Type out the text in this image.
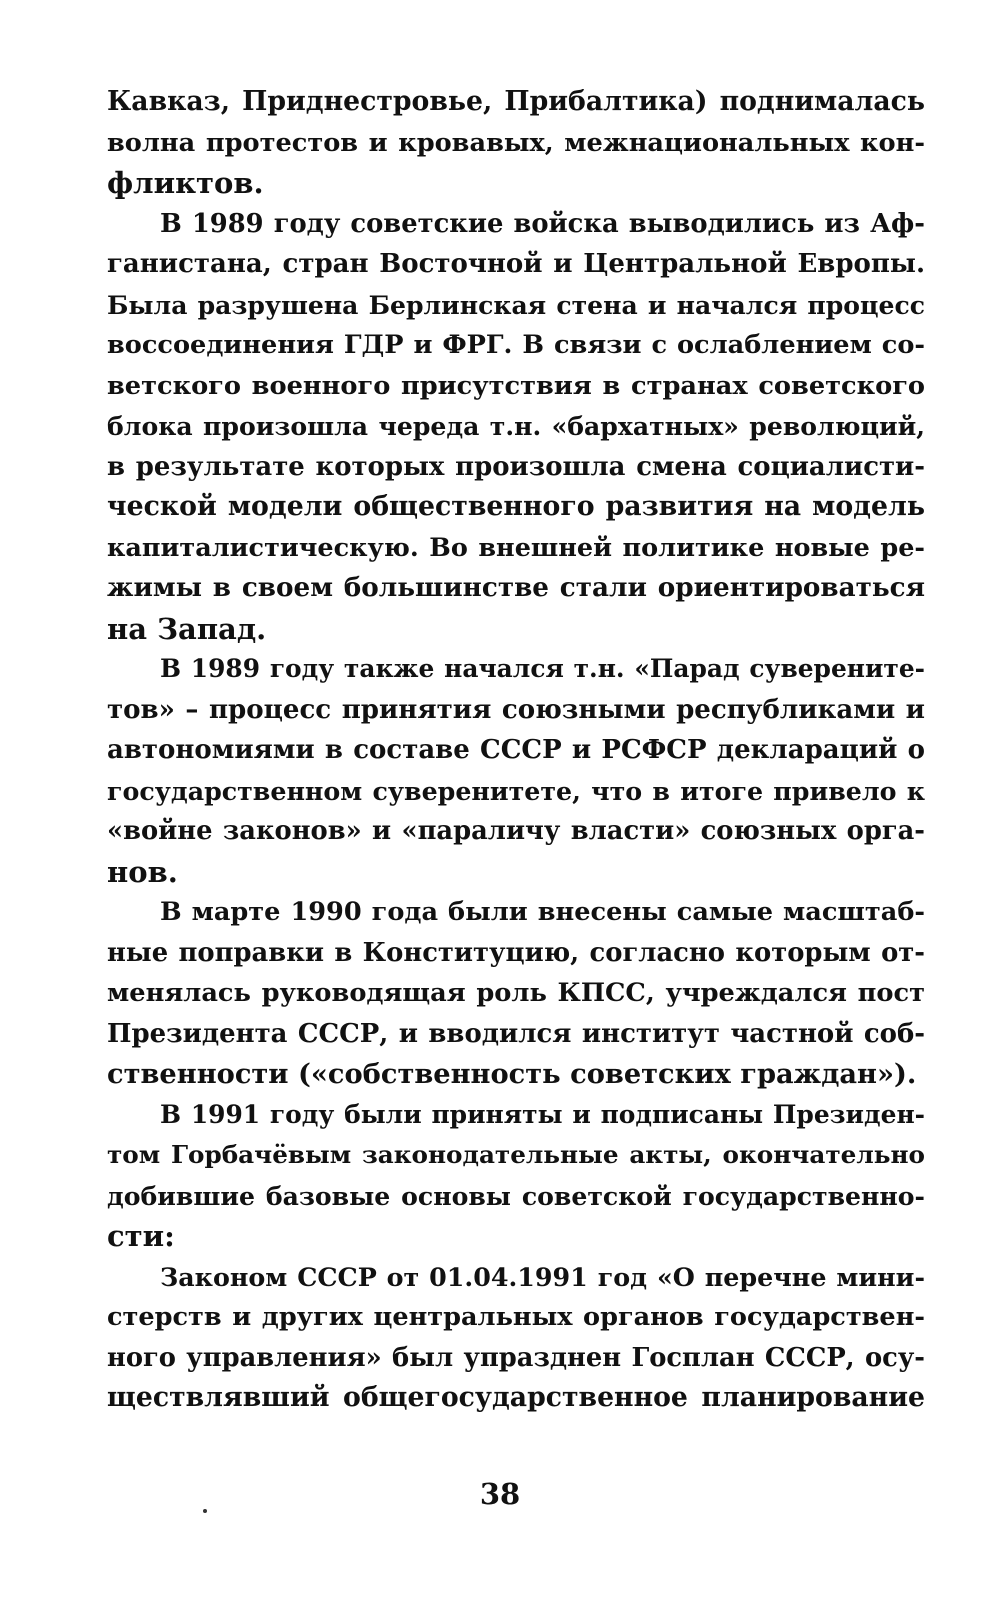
Кавказ, Приднестровье, Прибалтика) поднималась
волна протестов и кровавых, межнациональных кон-
фликтов.
В 1989 году советские войска выводились из Аф-
ганистана, стран Восточной и Центральной Европы.
Была разрушена Берлинская стена и начался процесс
воссоединения ГДР и ФРГ. В связи с ослаблением со-
ветского военного присутствия в странах советского
блока произошла череда т.н. «бархатных» революций,
в результате которых произошла смена социалисти-
ческой модели общественного развития на модель
капиталистическую. Во внешней политике новые ре-
жимы в своем большинстве стали ориентироваться
на Запад.
В 1989 году также начался т.н. «Парад суверените-
тов» – процесс принятия союзными республиками и
автономиями в составе СССР и РСФСР деклараций о
государственном суверенитете, что в итоге привело к
«войне законов» и «параличу власти» союзных орга-
нов.
В марте 1990 года были внесены самые масштаб-
ные поправки в Конституцию, согласно которым от-
менялась руководящая роль КПСС, учреждался пост
Президента СССР, и вводился институт частной соб-
ственности («собственность советских граждан»).
В 1991 году были приняты и подписаны Президен-
том Горбачёвым законодательные акты, окончательно
добившие базовые основы советской государственно-
сти:
Законом СССР от 01.04.1991 год «О перечне мини-
стерств и других центральных органов государствен-
ного управления» был упразднен Госплан СССР, осу-
ществлявший общегосударственное планирование
38
